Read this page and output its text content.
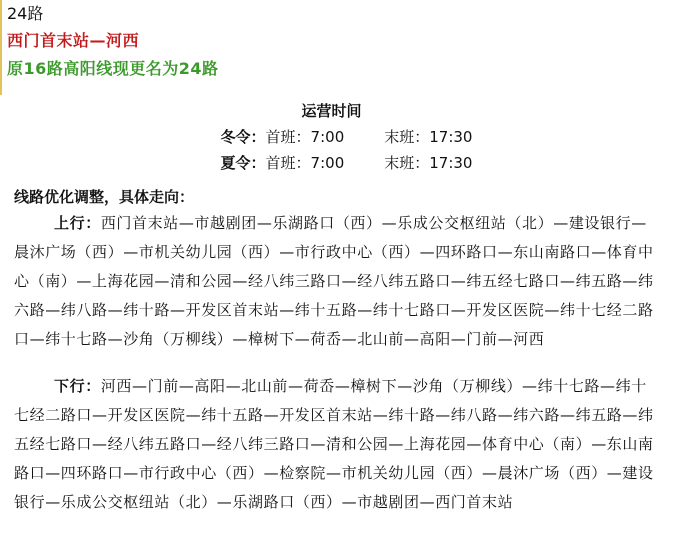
24路
西门首末站—河西
原16路高阳线现更名为24路
运营时间
冬令：首班：7:00	末班：17:30
夏令：首班：7:00	末班：17:30
线路优化调整，具体走向：
上行：西门首末站—市越剧团—乐湖路口（西）—乐成公交枢纽站（北）—建设银行—晨沐广场（西）—市机关幼儿园（西）—市行政中心（西）—四环路口—东山南路口—体育中心（南）—上海花园—清和公园—经八纬三路口—经八纬五路口—纬五经七路口—纬五路—纬六路—纬八路—纬十路—开发区首末站—纬十五路—纬十七路口—开发区医院—纬十七经二路口—纬十七路—沙角（万柳线）—樟树下—荷岙—北山前—高阳—门前—河西
下行：河西—门前—高阳—北山前—荷岙—樟树下—沙角（万柳线）—纬十七路—纬十七经二路口—开发区医院—纬十五路—开发区首末站—纬十路—纬八路—纬六路—纬五路—纬五经七路口—经八纬五路口—经八纬三路口—清和公园—上海花园—体育中心（南）—东山南路口—四环路口—市行政中心（西）—检察院—市机关幼儿园（西）—晨沐广场（西）—建设银行—乐成公交枢纽站（北）—乐湖路口（西）—市越剧团—西门首末站
